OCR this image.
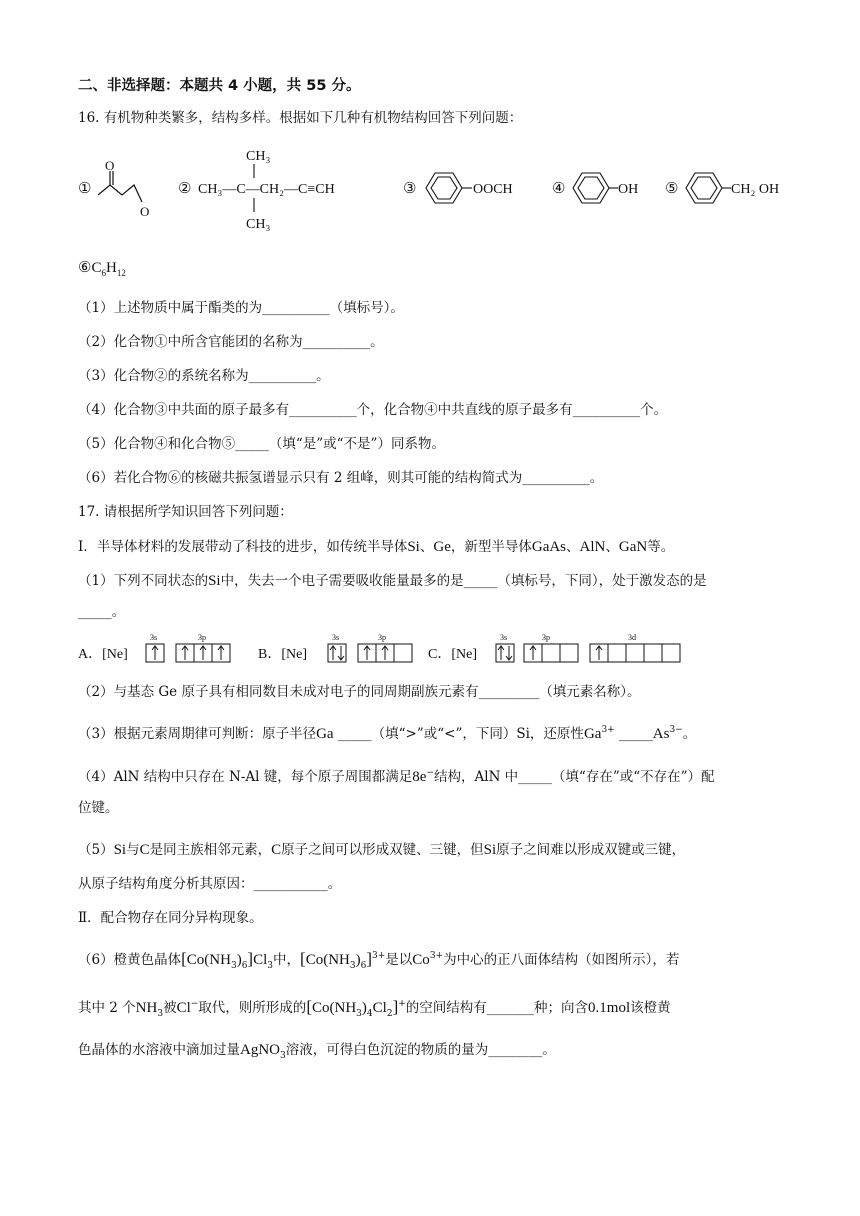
二、非选择题：本题共 4 小题，共 55 分。
16. 有机物种类繁多，结构多样。根据如下几种有机物结构回答下列问题：
①
O
O
②
CH₃
CH₃—C—CH₂—C≡CH
CH₃
③	OOCH	④	OH ⑤	CH₂ OH
$⑥C_6H_{12}$
（1）上述物质中属于酯类的为__________（填标号）。
（2）化合物①中所含官能团的名称为__________。
（3）化合物②的系统名称为__________。
（4）化合物③中共面的原子最多有__________个，化合物④中共直线的原子最多有__________个。
（5）化合物④和化合物⑤_____（填“是”或“不是”）同系物。
（6）若化合物⑥的核磁共振氢谱显示只有 2 组峰，则其可能的结构简式为__________。
17. 请根据所学知识回答下列问题：
Ⅰ．半导体材料的发展带动了科技的进步，如传统半导体Si、Ge，新型半导体GaAs、AlN、GaN等。
（1）下列不同状态的Si中，失去一个电子需要吸收能量最多的是_____（填标号，下同），处于激发态的是
_____。
A．[Ne]
3s	3p
B．[Ne]
3s	3p
C．[Ne]
3s	3p	3d
（2）与基态 Ge 原子具有相同数目未成对电子的同周期副族元素有_________（填元素名称）。
（3）根据元素周期律可判断：原子半径Ga _____（填“>”或“<”，下同）Si，还原性$Ga^{3+}$ $\_\_\_\_\_As^{3-}$。
（4）AlN 结构中只存在 N-Al 键，每个原子周围都满足8e−结构，AlN 中_____（填“存在”或“不存在”）配
位键。
（5）Si与C是同主族相邻元素，C原子之间可以形成双键、三键，但Si原子之间难以形成双键或三键，
从原子结构角度分析其原因：___________。
Ⅱ．配合物存在同分异构现象。
（6）橙黄色晶体$[Co(NH_3)_6]Cl_3$中，$[Co(NH_3)_6]^{3+}$是以$Co^{3+}$为中心的正八面体结构（如图所示），若
其中 2 个$NH_3$被Cl−取代，则所形成的$[Co(NH_3)_4Cl_2]^+$的空间结构有_______种；向含0.1mol该橙黄
色晶体的水溶液中滴加过量AgNO$_3$溶液，可得白色沉淀的物质的量为________。
